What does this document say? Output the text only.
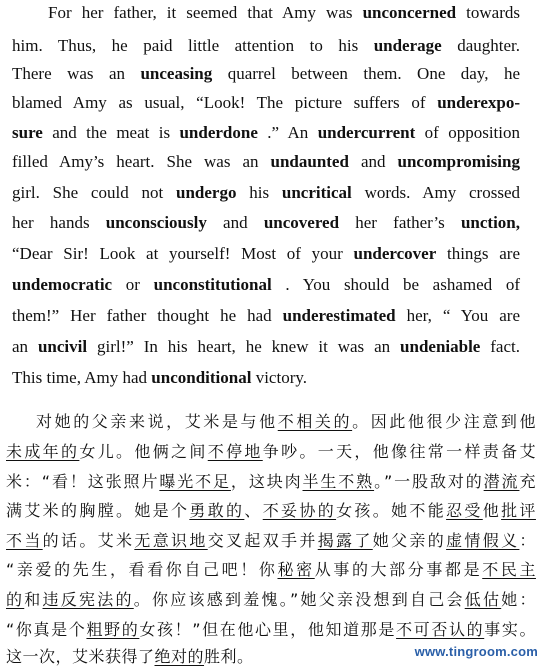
For her father, it seemed that Amy was unconcerned towards
him. Thus, he paid little attention to his underage daughter.
There was an unceasing quarrel between them. One day, he
blamed Amy as usual, “Look! The picture suffers of underexpo-
sure and the meat is underdone .” An undercurrent of opposition
filled Amy’s heart. She was an undaunted and uncompromising
girl. She could not undergo his uncritical words. Amy crossed
her hands unconsciously and uncovered her father’s unction,
“Dear Sir! Look at yourself! Most of your undercover things are
undemocratic or unconstitutional . You should be ashamed of
them!” Her father thought he had underestimated her, “ You are
an uncivil girl!” In his heart, he knew it was an undeniable fact.
This time, Amy had unconditional victory.
对她的父亲来说，艾米是与他不相关的。因此他很少注意到他
未成年的女儿。他俩之间不停地争吵。一天，他像往常一样责备艾
米：“看！这张照片曝光不足，这块肉半生不熟。”一股敌对的潜流充
满艾米的胸膛。她是个勇敢的、不妥协的女孩。她不能忍受他批评
不当的话。艾米无意识地交叉起双手并揭露了她父亲的虚情假义：
“亲爱的先生，看看你自己吧！你秘密从事的大部分事都是不民主
的和违反宪法的。你应该感到羞愧。”她父亲没想到自己会低估她：
“你真是个粗野的女孩！”但在他心里，他知道那是不可否认的事实。
这一次，艾米获得了绝对的胜利。	www.tingroom.com
